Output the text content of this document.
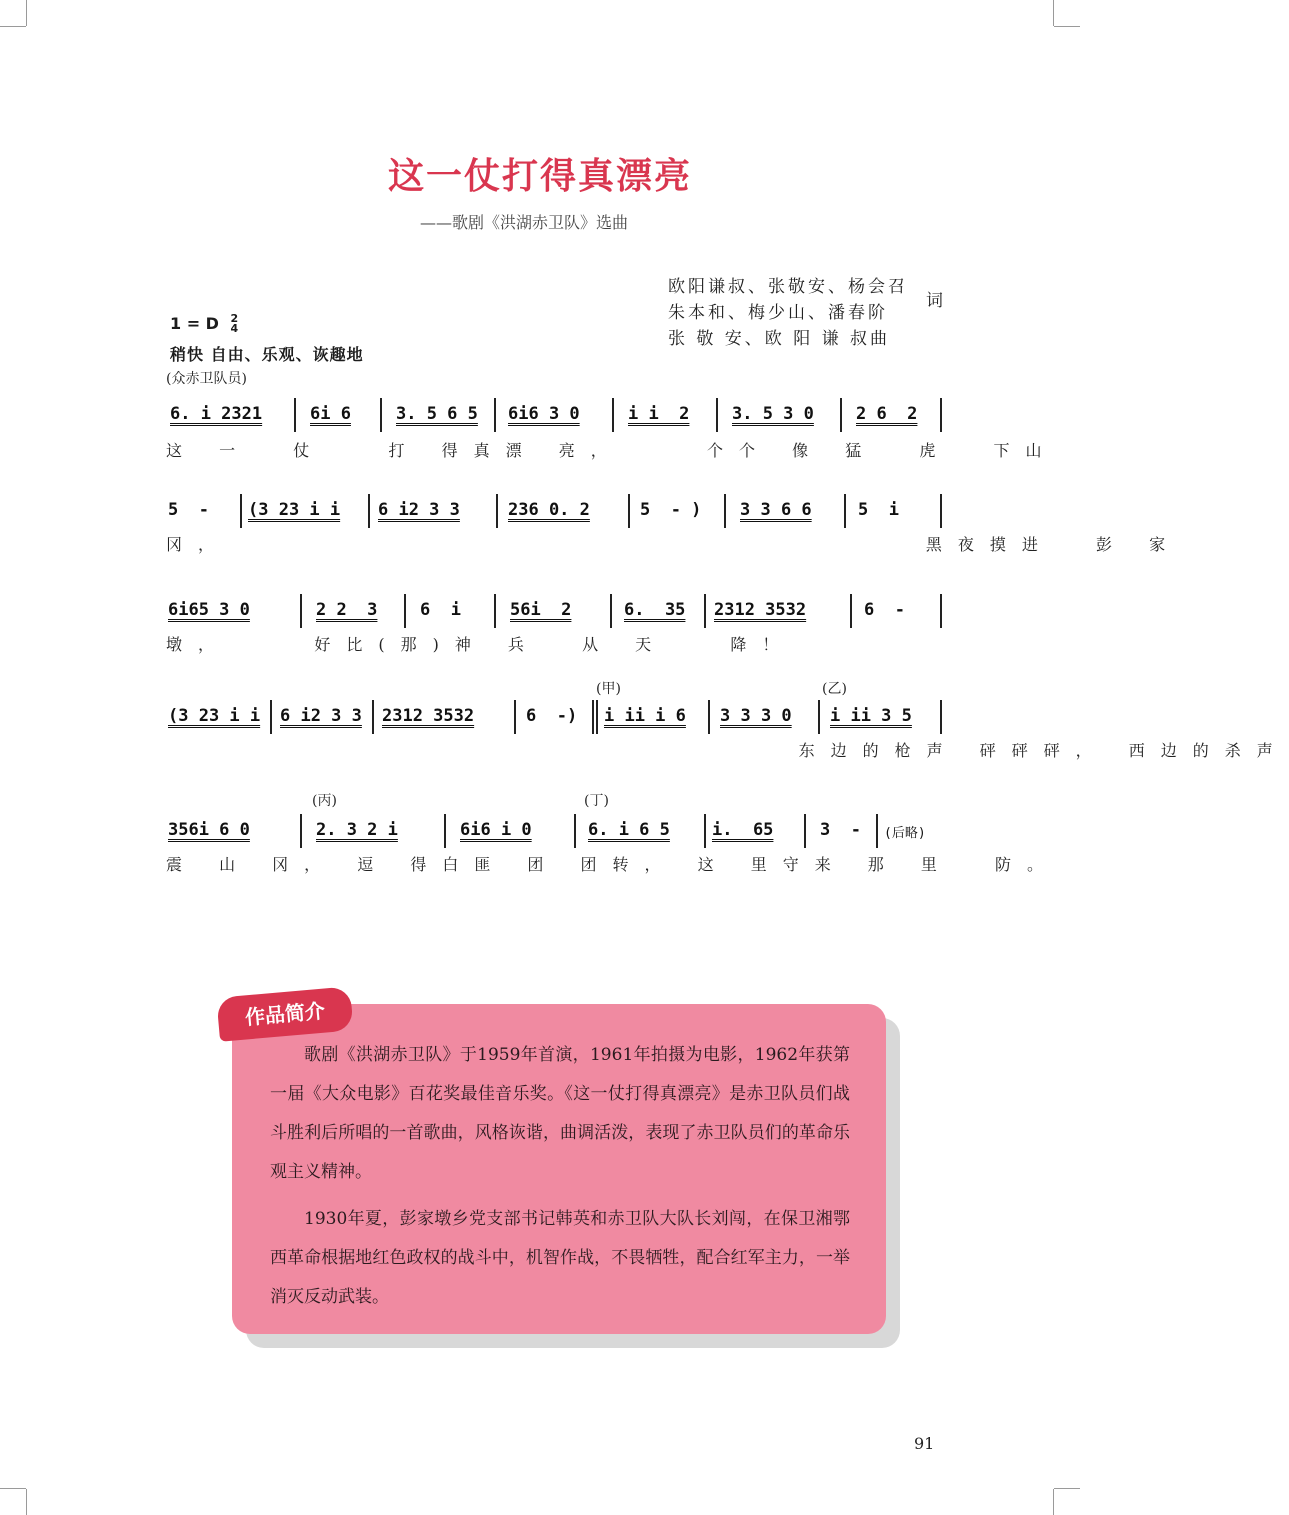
这一仗打得真漂亮
——歌剧《洪湖赤卫队》选曲
欧阳谦叔、张敬安、杨会召
朱本和、梅少山、潘春阶
张 敬 安、欧 阳 谦 叔曲
词
1 = D 2
4
稍快 自由、乐观、诙趣地
(众赤卫队员)
6. i 2321	6i 6	3. 5 6 5 6i6 3 0	i i  2	3. 5 3 0 2 6  2
这 一  仗   打 得真漂 亮，    个个 像 猛  虎  下山
5  - (3 23 i i 6 i2 3 3	236 0. 2	5  - ) 3 3 6 6	5  i
冈，                                 黑夜摸进  彭 家
6i65 3 0	2 2  3	6  i	56i  2	6.  35 2312 3532	6  -
墩，    好比(那)神 兵  从 天   降！
(甲)	(乙)
(3 23 i i 6 i2 3 3 2312 3532	6  -) i ii i 6 3 3 3 0 i ii 3 5
东边的枪声 砰砰砰， 西边的杀声
(丙)	(丁)
356i 6 0	2. 3 2 i	6i6 i 0	6. i 6 5 i.  65	3  - (后略)
震 山 冈， 逗 得白匪 团 团转， 这 里守来 那 里  防。
作品简介

歌剧《洪湖赤卫队》于1959年首演，1961年拍摄为电影，1962年获第一届《大众电影》百花奖最佳音乐奖。《这一仗打得真漂亮》是赤卫队员们战斗胜利后所唱的一首歌曲，风格诙谐，曲调活泼，表现了赤卫队员们的革命乐观主义精神。

1930年夏，彭家墩乡党支部书记韩英和赤卫队大队长刘闯，在保卫湘鄂西革命根据地红色政权的战斗中，机智作战，不畏牺牲，配合红军主力，一举消灭反动武装。

91
